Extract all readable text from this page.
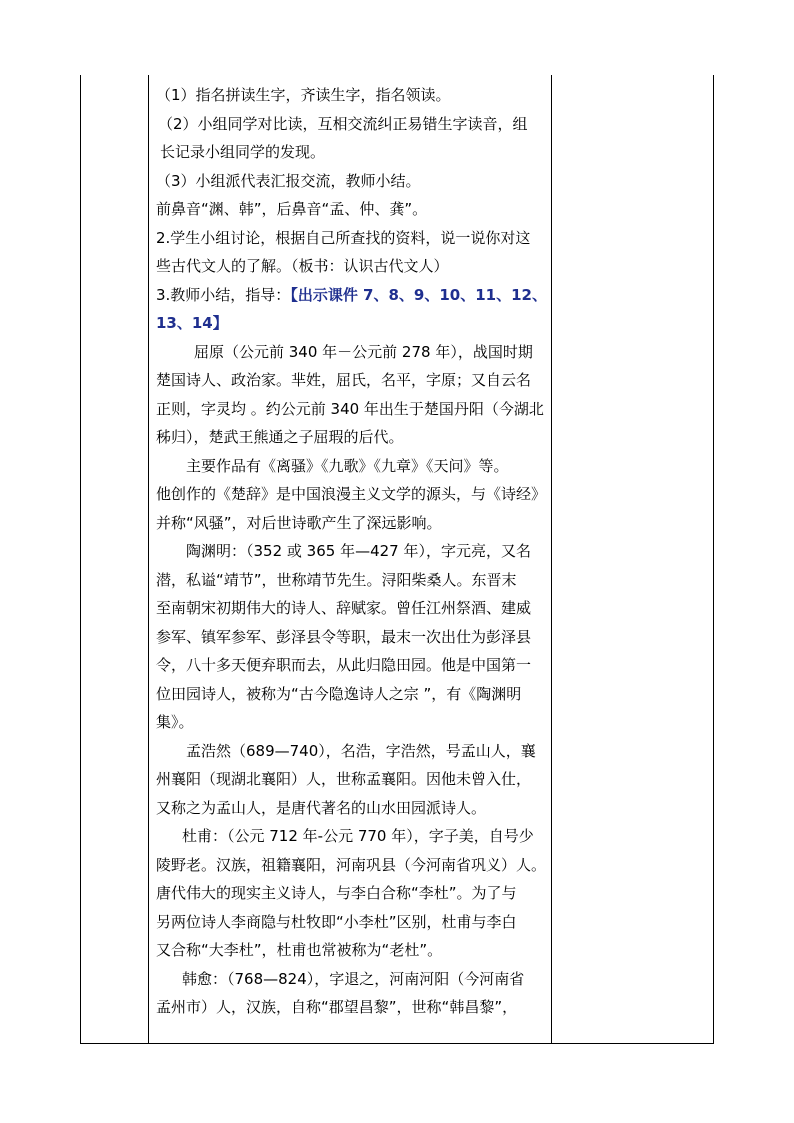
（1）指名拼读生字，齐读生字，指名领读。
（2）小组同学对比读，互相交流纠正易错生字读音，组
长记录小组同学的发现。
（3）小组派代表汇报交流，教师小结。
前鼻音“渊、韩”，后鼻音“孟、仲、龚”。
2.学生小组讨论，根据自己所查找的资料，说一说你对这
些古代文人的了解。（板书：认识古代文人）
3.教师小结，指导：【出示课件 7、8、9、10、11、12、
13、14】
屈原（公元前 340 年－公元前 278 年），战国时期
楚国诗人、政治家。芈姓，屈氏，名平，字原；又自云名
正则，字灵均 。约公元前 340 年出生于楚国丹阳（今湖北
秭归），楚武王熊通之子屈瑕的后代。
主要作品有《离骚》《九歌》《九章》《天问》等。
他创作的《楚辞》是中国浪漫主义文学的源头，与《诗经》
并称“风骚”，对后世诗歌产生了深远影响。
陶渊明：（352 或 365 年—427 年），字元亮，又名
潜，私谥“靖节”，世称靖节先生。浔阳柴桑人。东晋末
至南朝宋初期伟大的诗人、辞赋家。曾任江州祭酒、建威
参军、镇军参军、彭泽县令等职，最末一次出仕为彭泽县
令，八十多天便弃职而去，从此归隐田园。他是中国第一
位田园诗人，被称为“古今隐逸诗人之宗 ”，有《陶渊明
集》。
孟浩然（689—740），名浩，字浩然，号孟山人，襄
州襄阳（现湖北襄阳）人，世称孟襄阳。因他未曾入仕，
又称之为孟山人，是唐代著名的山水田园派诗人。
杜甫：（公元 712 年-公元 770 年），字子美，自号少
陵野老。汉族，祖籍襄阳，河南巩县（今河南省巩义）人。
唐代伟大的现实主义诗人，与李白合称“李杜”。为了与
另两位诗人李商隐与杜牧即“小李杜”区别，杜甫与李白
又合称“大李杜”，杜甫也常被称为“老杜”。
韩愈：（768—824），字退之，河南河阳（今河南省
孟州市）人，汉族，自称“郡望昌黎”，世称“韩昌黎”，
